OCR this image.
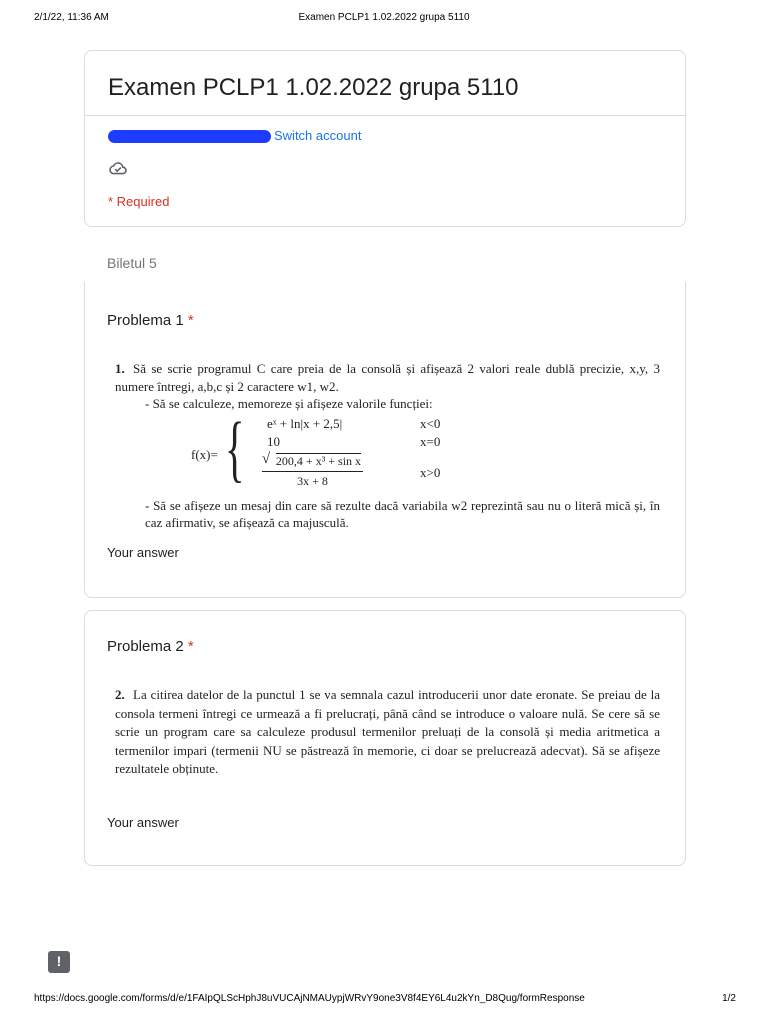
2/1/22, 11:36 AM	Examen PCLP1 1.02.2022 grupa 5110
Examen PCLP1 1.02.2022 grupa 5110
Switch account
* Required
Biletul 5
Problema 1 *

1. Să se scrie programul C care preia de la consolă și afișează 2 valori reale dublă precizie, x,y, 3 numere întregi, a,b,c și 2 caractere w1, w2.

- Să se calculeze, memoreze și afișeze valorile funcției:

f(x)= { eˣ + ln|x + 2,5|	x<0
10	x=0
$\frac{\text{√ 200,4 + x³ + sin x}}{3x + 8}$	x>0

- Să se afișeze un mesaj din care să rezulte dacă variabila w2 reprezintă sau nu o literă mică și, în caz afirmativ, se afișează ca majusculă.

Your answer
Problema 2 *

2. La citirea datelor de la punctul 1 se va semnala cazul introducerii unor date eronate. Se preiau de la consola termeni întregi ce urmează a fi prelucrați, până când se introduce o valoare nulă. Se cere să se scrie un program care sa calculeze produsul termenilor preluați de la consolă și media aritmetica a termenilor impari (termenii NU se păstrează în memorie, ci doar se prelucrează adecvat). Să se afișeze rezultatele obținute.

Your answer
!
https://docs.google.com/forms/d/e/1FAIpQLScHphJ8uVUCAjNMAUypjWRvY9one3V8f4EY6L4u2kYn_D8Qug/formResponse	1/2
